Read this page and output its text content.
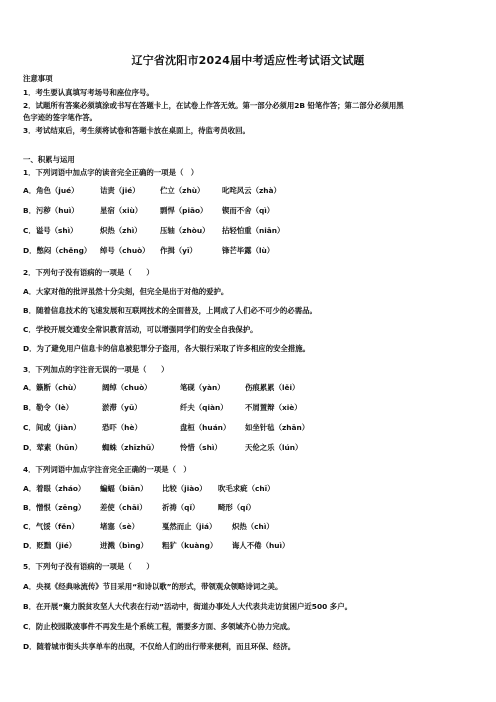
辽宁省沈阳市2024届中考适应性考试语文试题
注意事项
1．考生要认真填写考场号和座位序号。
2．试题所有答案必须填涂或书写在答题卡上，在试卷上作答无效。第一部分必须用2B 铅笔作答；第二部分必须用黑
色字迹的签字笔作答。
3．考试结束后，考生须将试卷和答题卡放在桌面上，待监考员收回。
一、积累与运用
1．下列词语中加点字的读音完全正确的一项是（　）
A．角色（jué）	诘责（jié）	伫立（zhù） 叱咤风云（zhà）
B．污秽（huì）	星宿（xiù） 剽悍（piāo） 锲而不舍（qì）
C．谥号（shì）	炽热（zhì） 压轴（zhòu） 拈轻怕重（niān）
D．憋闷（chěng） 绰号（chuò） 作揖（yī）	锋芒毕露（lù）
2．下列句子没有语病的一项是（　　）
A．大家对他的批评虽然十分尖刻，但完全是出于对他的爱护。
B．随着信息技术的飞速发展和互联网技术的全面普及，上网成了人们必不可少的必需品。
C．学校开展交通安全常识教育活动，可以增强同学们的安全自我保护。
D．为了避免用户信息卡的信息被犯罪分子盗用，各大银行采取了许多相应的安全措施。
3．下列加点的字注音无误的一项是（　　）
A．籁断（chù）	阔绰（chuò）	笔砚（yàn）	伤痕累累（lěi）
B．勒令（lè）	淤滞（yū）	纤夫（qiàn） 不屑置辩（xiè）
C．间或（jiàn）	恐吓（hè）	盘桓（huán） 如坐针毡（zhān）
D．荤素（hūn）	蜘蛛（zhīzhū）	怜惜（shì）	天伦之乐（lún）
4．下列词语中加点字注音完全正确的一项是（　）
A．着眼（zháo） 蝙蝠（biān） 比较（jiào） 吹毛求疵（chī）
B．憎恨（zēng） 差使（chāi） 祈祷（qǐ）	畸形（qí）
C．气馁（fěn）	堵塞（sè）	戛然而止（jiá） 炽热（chì）
D．贬黜（jié）	迸溅（bìng） 粗犷（kuàng） 诲人不倦（huì）
5．下列句子没有语病的一项是（　　）
A．央视《经典咏流传》节目采用“和诗以歌”的形式，带领观众领略诗词之美。
B．在开展“聚力脱贫攻坚人大代表在行动”活动中，街道办事处人大代表共走访贫困户近500 多户。
C．防止校园欺凌事件不再发生是个系统工程，需要多方面、多领域齐心协力完成。
D．随着城市街头共享单车的出现，不仅给人们的出行带来便利，而且环保、经济。
